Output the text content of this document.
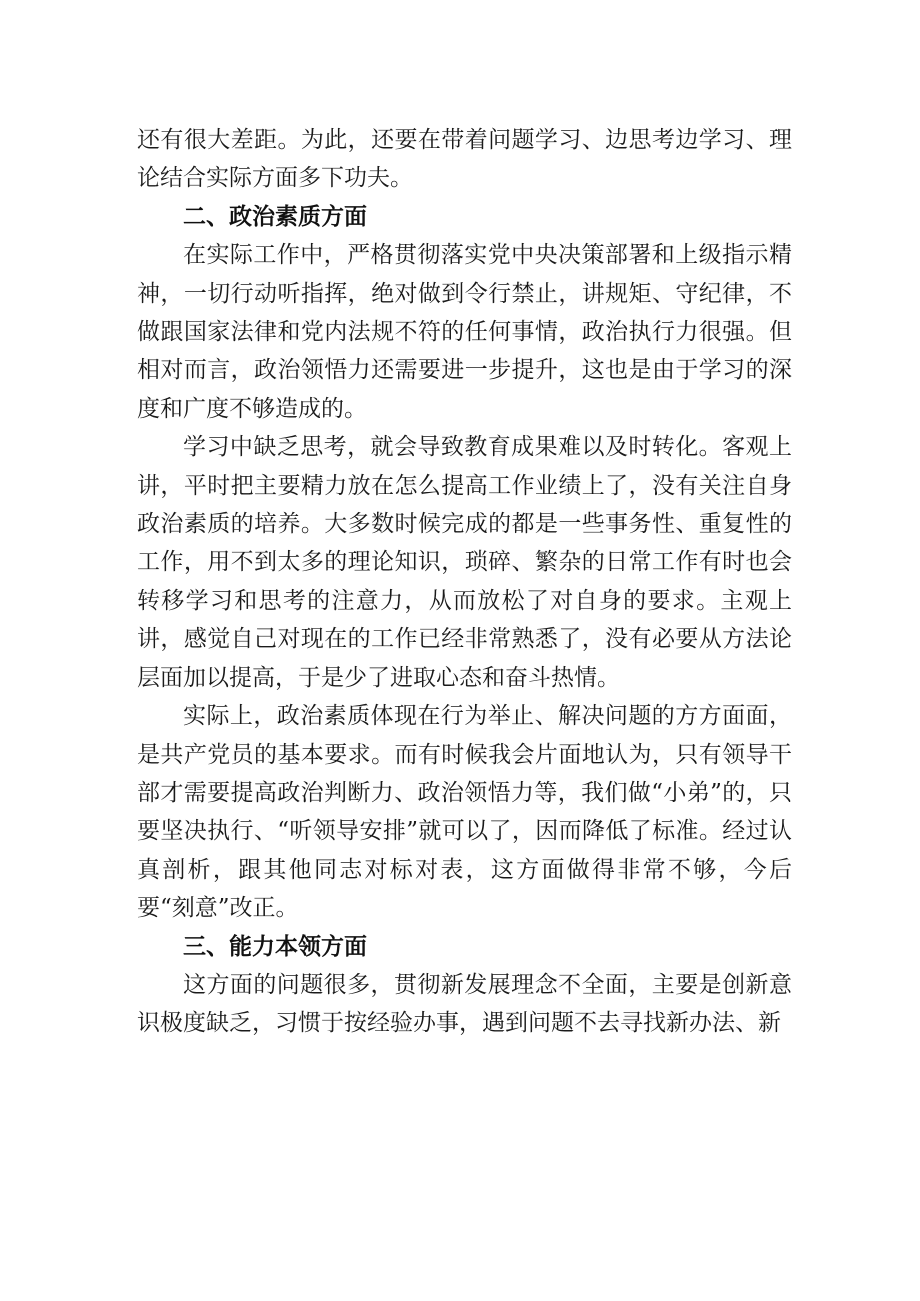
还有很大差距。为此，还要在带着问题学习、边思考边学习、理论结合实际方面多下功夫。

二、政治素质方面

在实际工作中，严格贯彻落实党中央决策部署和上级指示精神，一切行动听指挥，绝对做到令行禁止，讲规矩、守纪律，不做跟国家法律和党内法规不符的任何事情，政治执行力很强。但相对而言，政治领悟力还需要进一步提升，这也是由于学习的深度和广度不够造成的。

学习中缺乏思考，就会导致教育成果难以及时转化。客观上讲，平时把主要精力放在怎么提高工作业绩上了，没有关注自身政治素质的培养。大多数时候完成的都是一些事务性、重复性的工作，用不到太多的理论知识，琐碎、繁杂的日常工作有时也会转移学习和思考的注意力，从而放松了对自身的要求。主观上讲，感觉自己对现在的工作已经非常熟悉了，没有必要从方法论层面加以提高，于是少了进取心态和奋斗热情。

实际上，政治素质体现在行为举止、解决问题的方方面面，是共产党员的基本要求。而有时候我会片面地认为，只有领导干部才需要提高政治判断力、政治领悟力等，我们做“小弟”的，只要坚决执行、“听领导安排”就可以了，因而降低了标准。经过认真剖析，跟其他同志对标对表，这方面做得非常不够，今后要“刻意”改正。

三、能力本领方面

这方面的问题很多，贯彻新发展理念不全面，主要是创新意识极度缺乏，习惯于按经验办事，遇到问题不去寻找新办法、新
